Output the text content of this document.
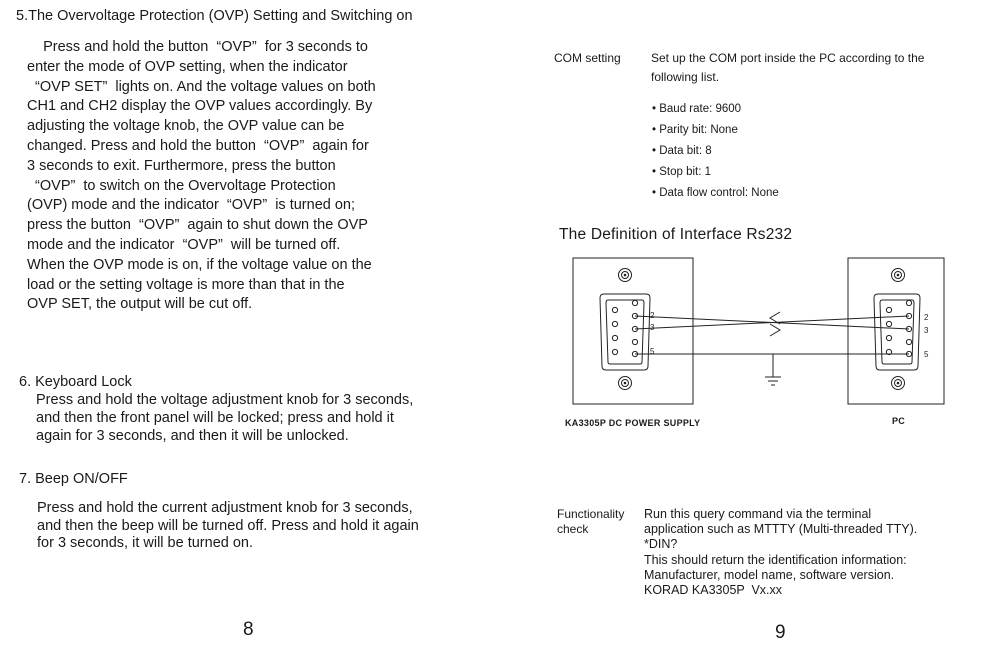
5.The Overvoltage Protection (OVP) Setting and Switching on
Press and hold the button  “OVP”  for 3 seconds to
enter the mode of OVP setting, when the indicator
“OVP SET”  lights on. And the voltage values on both
CH1 and CH2 display the OVP values accordingly. By
adjusting the voltage knob, the OVP value can be
changed. Press and hold the button  “OVP”  again for
3 seconds to exit. Furthermore, press the button
“OVP”  to switch on the Overvoltage Protection
(OVP) mode and the indicator  “OVP”  is turned on;
press the button  “OVP”  again to shut down the OVP
mode and the indicator  “OVP”  will be turned off.
When the OVP mode is on, if the voltage value on the
load or the setting voltage is more than that in the
OVP SET, the output will be cut off.
6. Keyboard Lock
Press and hold the voltage adjustment knob for 3 seconds,
and then the front panel will be locked; press and hold it
again for 3 seconds, and then it will be unlocked.
7. Beep ON/OFF
Press and hold the current adjustment knob for 3 seconds,
and then the beep will be turned off. Press and hold it again
for 3 seconds, it will be turned on.
8
COM setting	Set up the COM port inside the PC according to the
following list.
• Baud rate: 9600
• Parity bit: None
• Data bit: 8
• Stop bit: 1
• Data flow control: None
The Definition of Interface Rs232
2
3
5
2
3
5
KA3305P DC POWER SUPPLY	PC
Functionality
check
Run this query command via the terminal
application such as MTTTY (Multi-threaded TTY).
*DIN?
This should return the identification information:
Manufacturer, model name, software version.
KORAD KA3305P  Vx.xx
9
